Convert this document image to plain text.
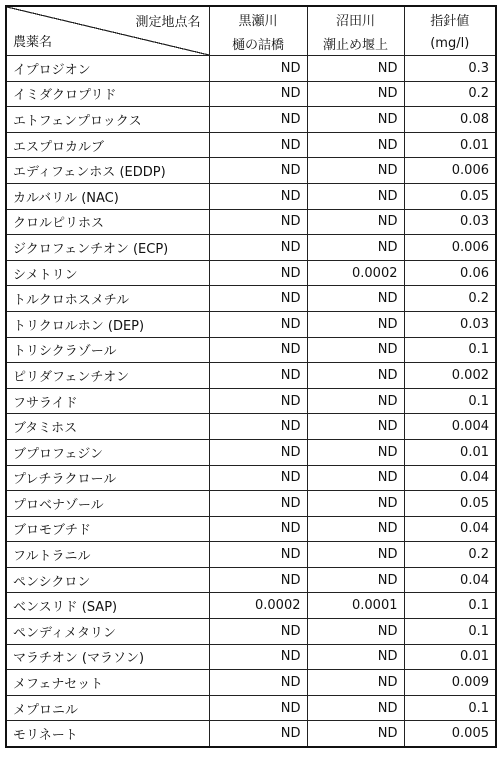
測定地点名
農薬名	黒瀬川	沼田川	指針値
	樋の詰橋	潮止め堰上	(mg/l)
イプロジオン	ND	ND	0.3
イミダクロプリド	ND	ND	0.2
エトフェンプロックス	ND	ND	0.08
エスプロカルブ	ND	ND	0.01
エディフェンホス (EDDP)	ND	ND	0.006
カルバリル (NAC)	ND	ND	0.05
クロルピリホス	ND	ND	0.03
ジクロフェンチオン (ECP)	ND	ND	0.006
シメトリン	ND	0.0002	0.06
トルクロホスメチル	ND	ND	0.2
トリクロルホン (DEP)	ND	ND	0.03
トリシクラゾール	ND	ND	0.1
ピリダフェンチオン	ND	ND	0.002
フサライド	ND	ND	0.1
ブタミホス	ND	ND	0.004
ブプロフェジン	ND	ND	0.01
プレチラクロール	ND	ND	0.04
プロベナゾール	ND	ND	0.05
ブロモブチド	ND	ND	0.04
フルトラニル	ND	ND	0.2
ペンシクロン	ND	ND	0.04
ベンスリド (SAP)	0.0002	0.0001	0.1
ペンディメタリン	ND	ND	0.1
マラチオン (マラソン)	ND	ND	0.01
メフェナセット	ND	ND	0.009
メプロニル	ND	ND	0.1
モリネート	ND	ND	0.005
